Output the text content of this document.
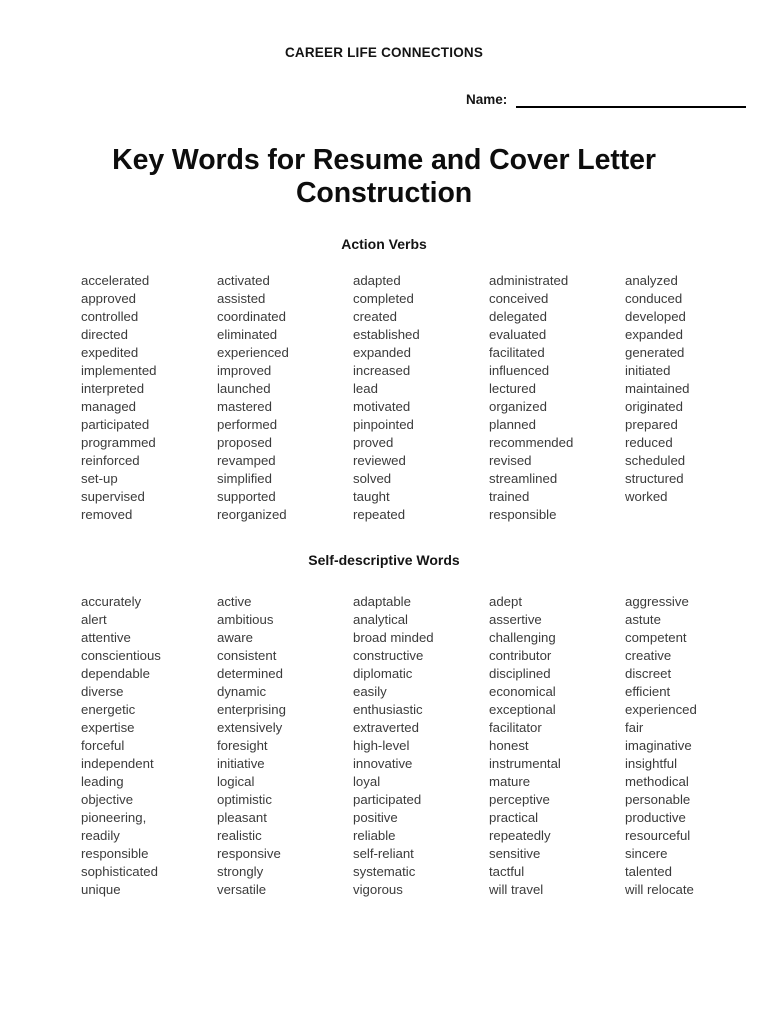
CAREER LIFE CONNECTIONS
Name:
Key Words for Resume and Cover Letter Construction
Action Verbs
accelerated
approved
controlled
directed
expedited
implemented
interpreted
managed
participated
programmed
reinforced
set-up
supervised
removed
activated
assisted
coordinated
eliminated
experienced
improved
launched
mastered
performed
proposed
revamped
simplified
supported
reorganized
adapted
completed
created
established
expanded
increased
lead
motivated
pinpointed
proved
reviewed
solved
taught
repeated
administrated
conceived
delegated
evaluated
facilitated
influenced
lectured
organized
planned
recommended
revised
streamlined
trained
responsible
analyzed
conduced
developed
expanded
generated
initiated
maintained
originated
prepared
reduced
scheduled
structured
worked
Self-descriptive Words
accurately
alert
attentive
conscientious
dependable
diverse
energetic
expertise
forceful
independent
leading
objective
pioneering,
readily
responsible
sophisticated
unique
active
ambitious
aware
consistent
determined
dynamic
enterprising
extensively
foresight
initiative
logical
optimistic
pleasant
realistic
responsive
strongly
versatile
adaptable
analytical
broad minded
constructive
diplomatic
easily
enthusiastic
extraverted
high-level
innovative
loyal
participated
positive
reliable
self-reliant
systematic
vigorous
adept
assertive
challenging
contributor
disciplined
economical
exceptional
facilitator
honest
instrumental
mature
perceptive
practical
repeatedly
sensitive
tactful
will travel
aggressive
astute
competent
creative
discreet
efficient
experienced
fair
imaginative
insightful
methodical
personable
productive
resourceful
sincere
talented
will relocate
